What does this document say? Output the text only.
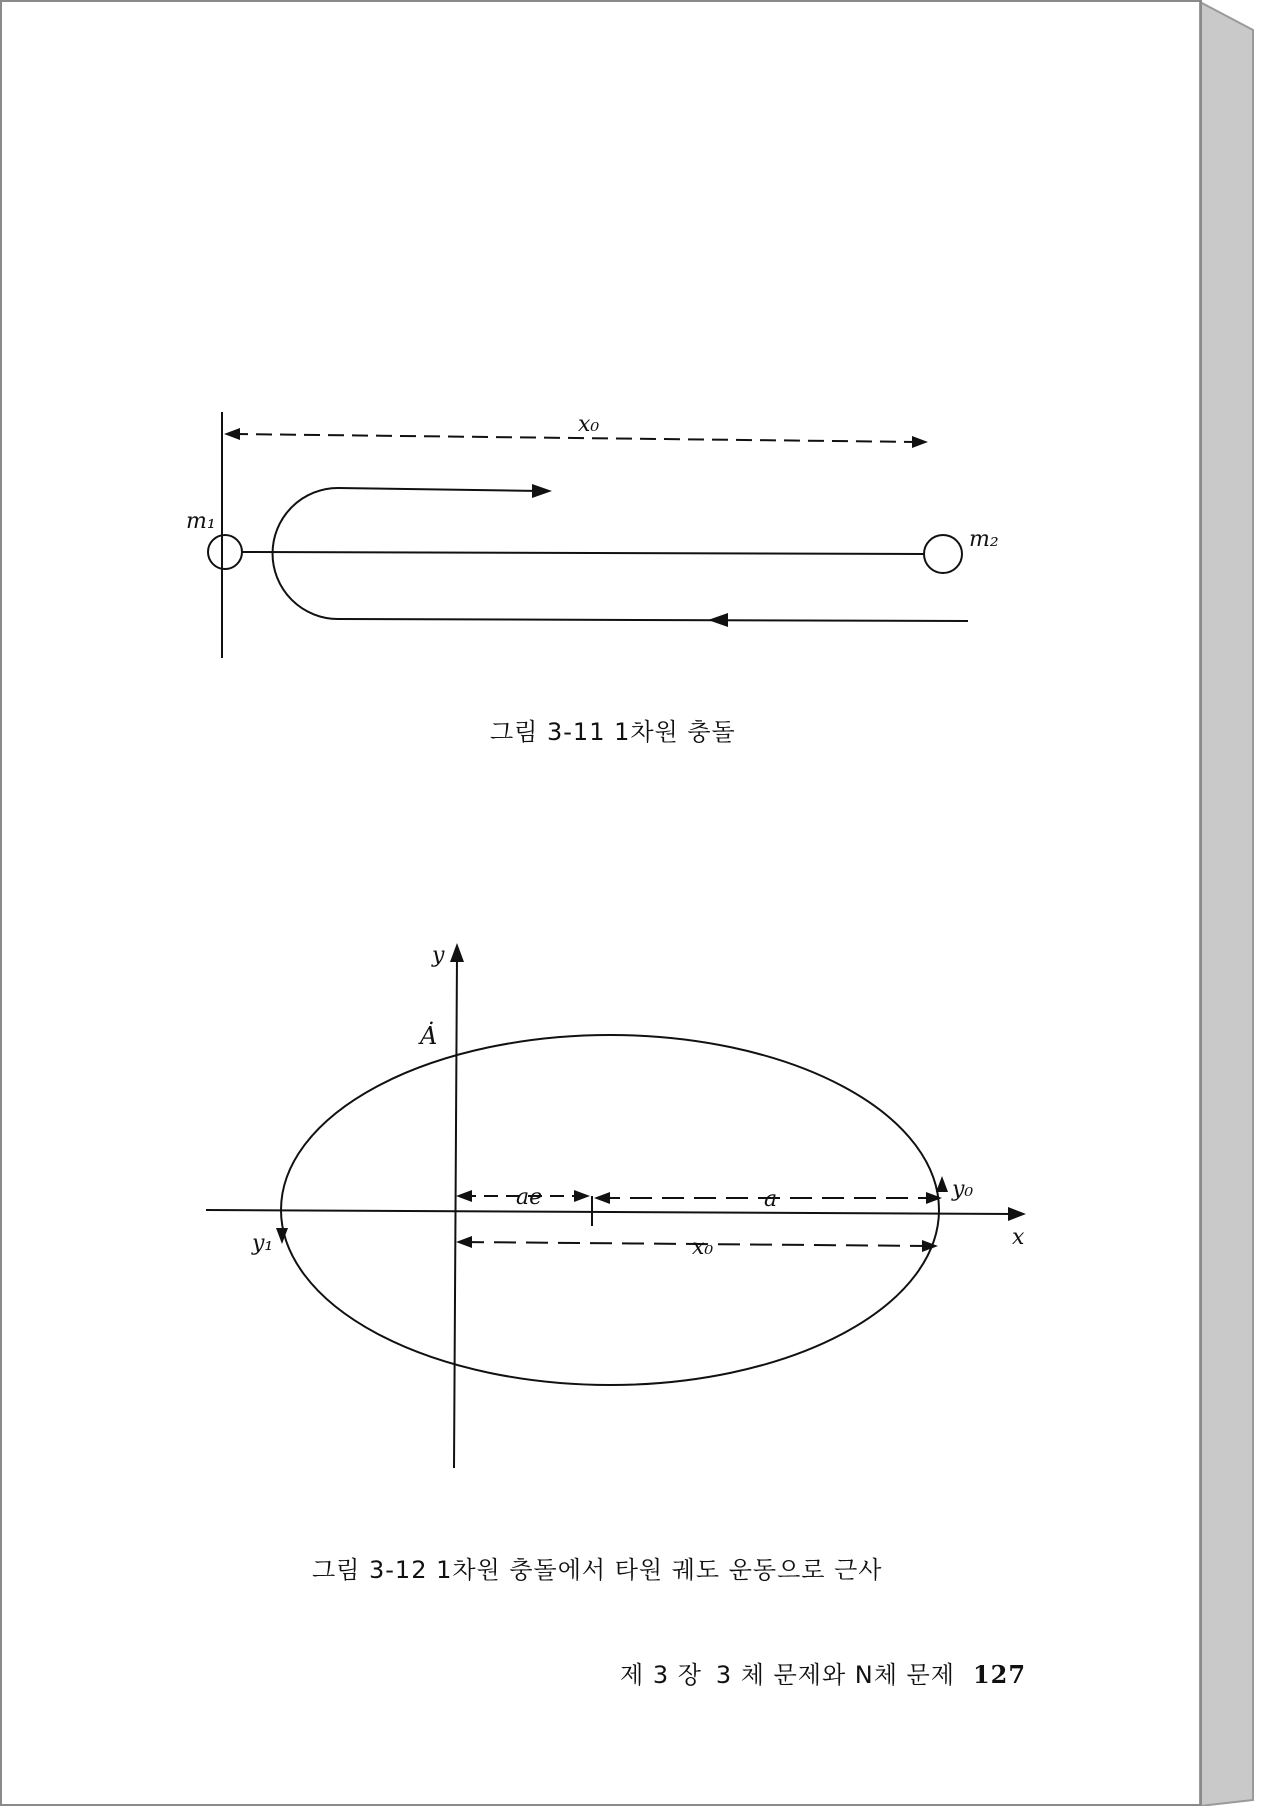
x₀
m₁
m₂
y
x
Ȧ
ae	a
x₀
y₀
y₁
그림 3-11 1차원 충돌
그림 3-12 1차원 충돌에서 타원 궤도 운동으로 근사
제 3 장 3 체 문제와 N체 문제 127
